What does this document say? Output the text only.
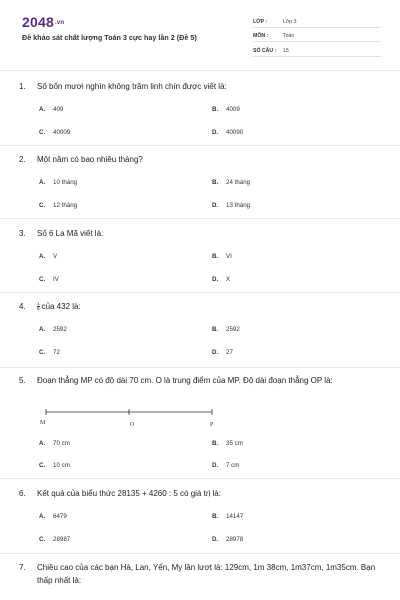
2048.vn
Đề khảo sát chất lượng Toán 3 cực hay lần 2 (Đề 5)
LỚP :	Lớp 3
MÔN :	Toán
SỐ CÂU :	15
1.	Số bốn mươi nghìn không trăm linh chín được viết là:
A.	409	B.	4009
C.	40009	D.	40090
2.	Một năm có bao nhiêu tháng?
A.	10 tháng	B.	24 tháng
C.	12 tháng	D.	13 tháng
3.	Số 6 La Mã viết là:
A.	V	B.	VI
C.	IV	D.	X
4.	$\frac{1}{6}$ của 432 là:
A.	2592	B.	2592
C.	72	D.	27
5.	Đoạn thẳng MP có độ dài 70 cm. O là trung điểm của MP. Độ dài đoạn thẳng OP là:
M	O	P
A.	70 cm	B.	35 cm
C.	10 cm	D.	7 cm
6.	Kết quả của biểu thức 28135 + 4260 : 5 có giá trị là:
A.	6479	B.	14147
C.	28987	D.	28978
7.	Chiều cao của các bạn Hà, Lan, Yến, My lần lượt là: 129cm, 1m 38cm, 1m37cm, 1m35cm. Bạn thấp nhất là:
